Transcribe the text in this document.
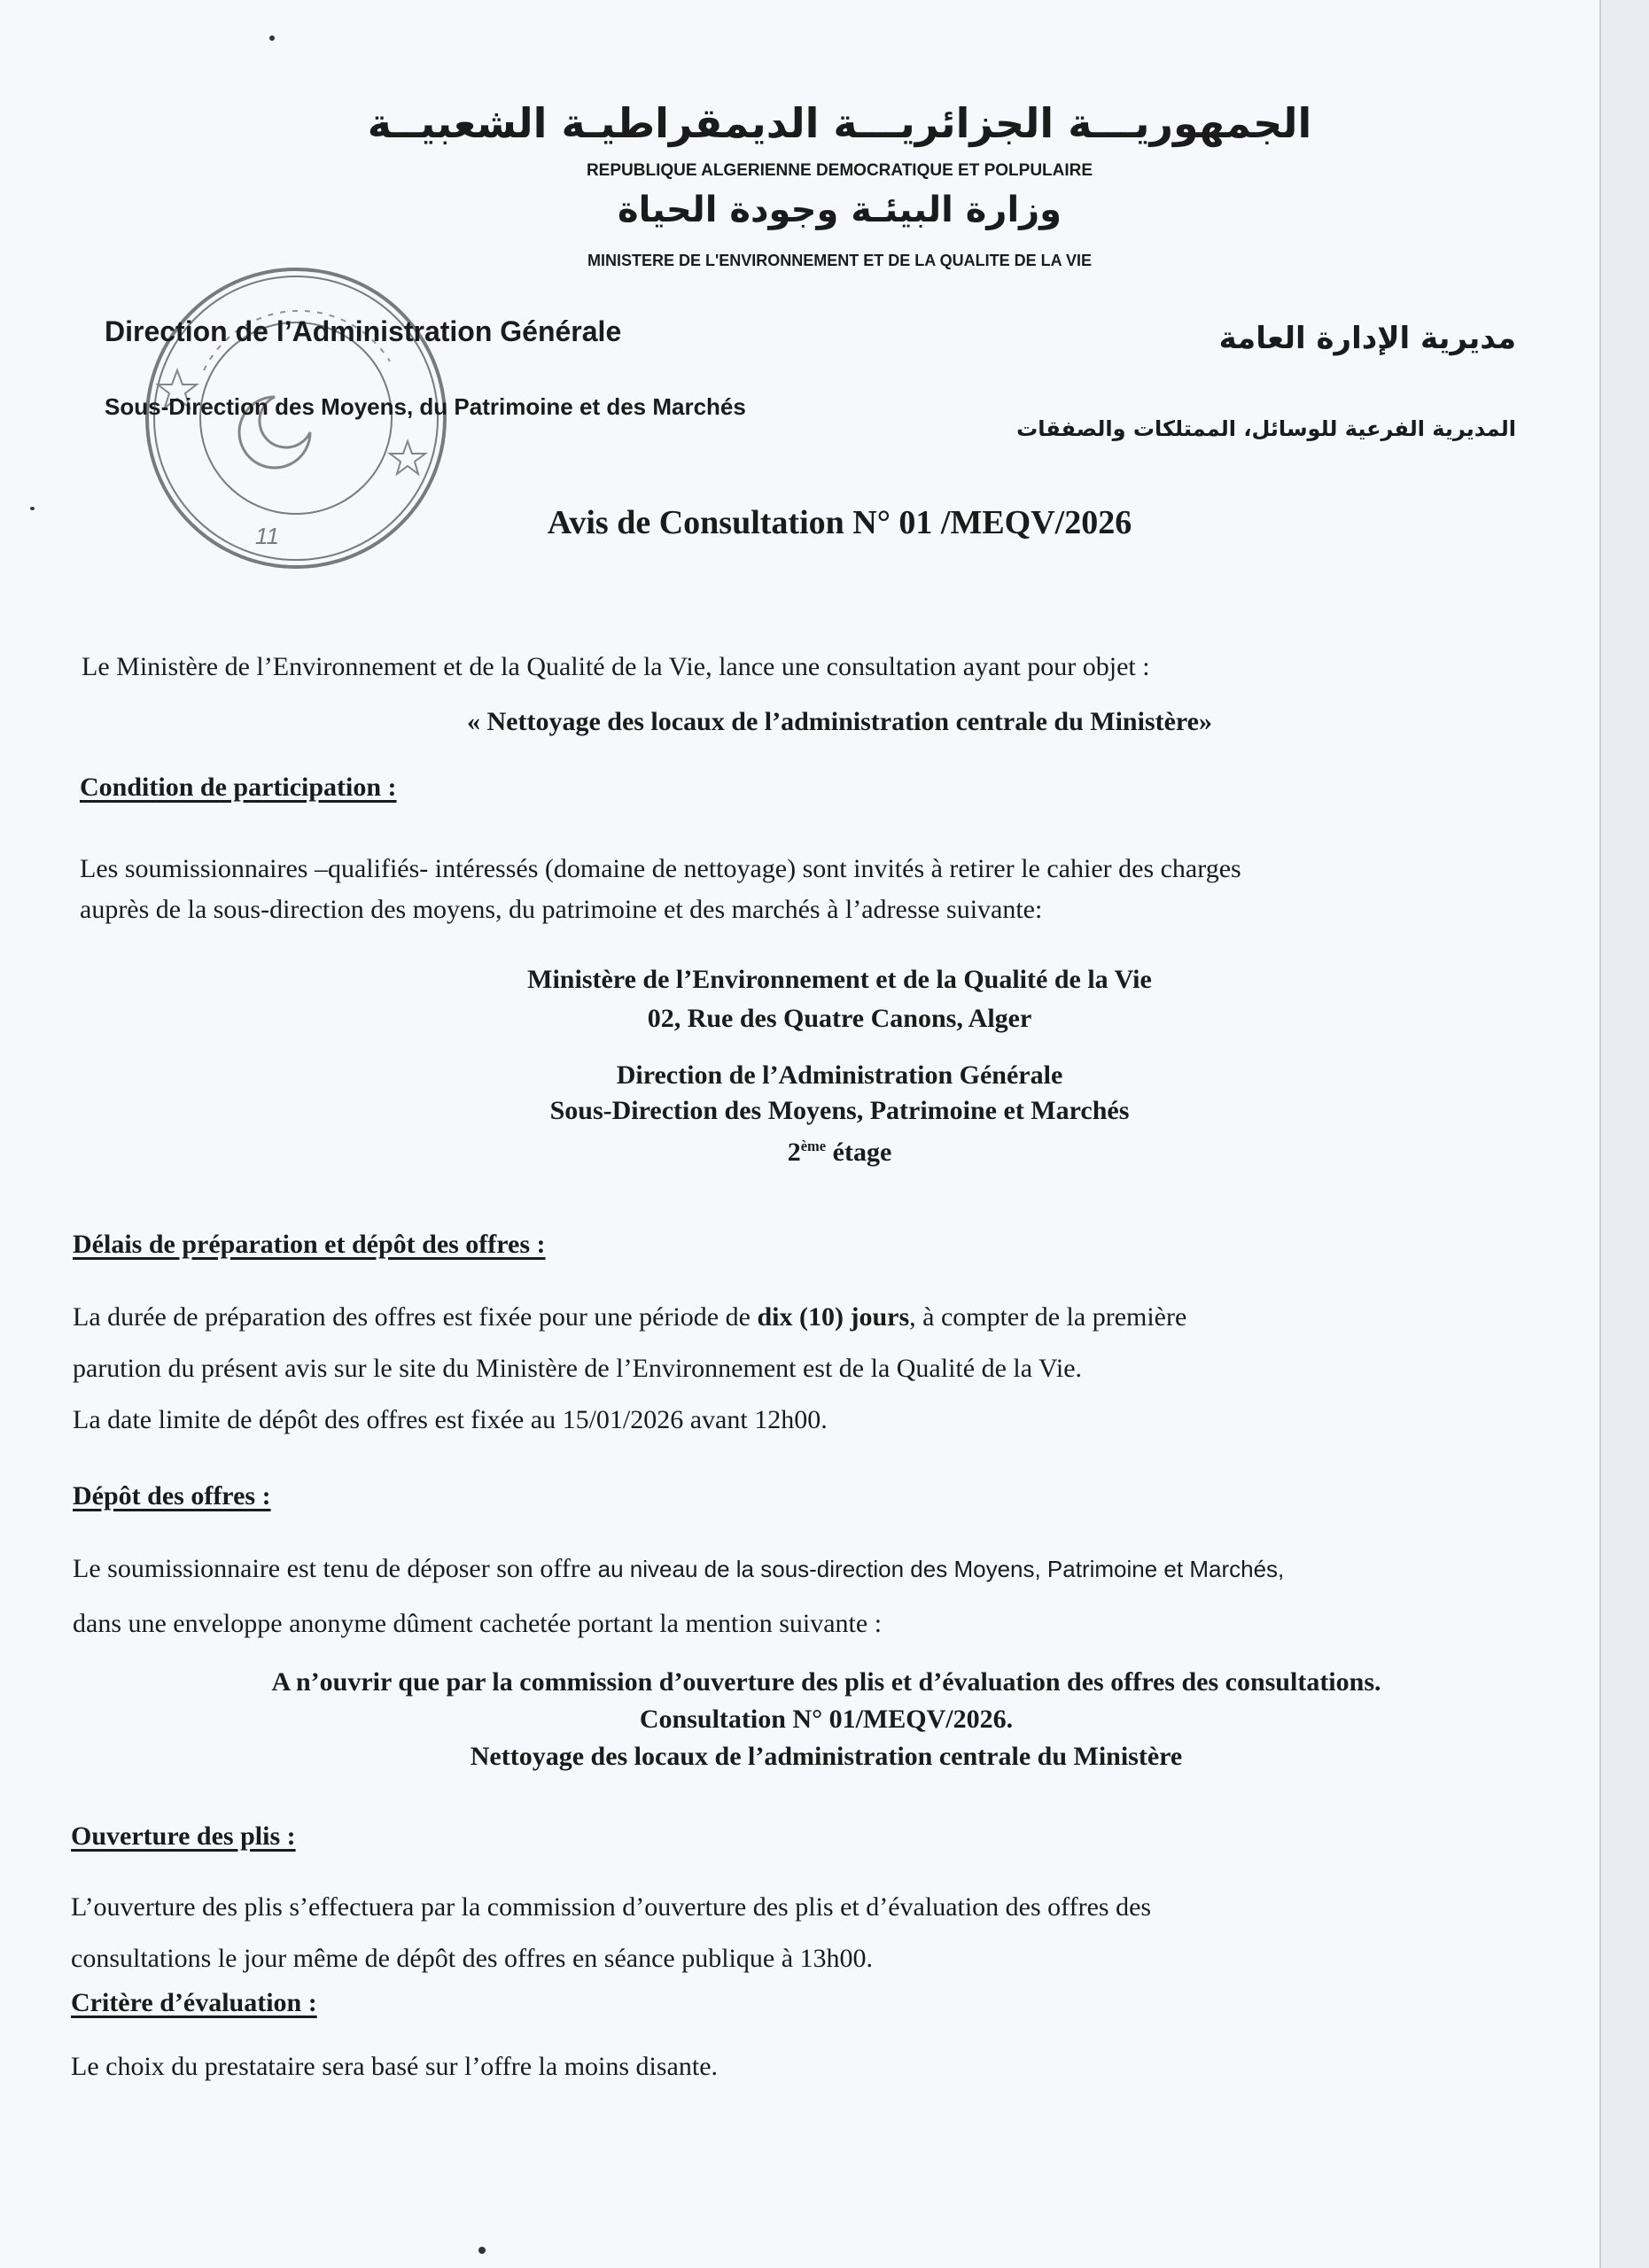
الجمهوريـــة الجزائريـــة الديمقراطيـة الشعبيــة
REPUBLIQUE ALGERIENNE DEMOCRATIQUE ET POLPULAIRE
وزارة البيئـة وجودة الحياة
MINISTERE DE L'ENVIRONNEMENT ET DE LA QUALITE DE LA VIE
11
Direction de l’Administration Générale
Sous-Direction des Moyens, du Patrimoine et des Marchés
مديرية الإدارة العامة
المديرية الفرعية للوسائل، الممتلكات والصفقات
Avis de Consultation N° 01 /MEQV/2026
Le Ministère de l’Environnement et de la Qualité de la Vie, lance une consultation ayant pour objet :
« Nettoyage des locaux de l’administration centrale du Ministère»
Condition de participation :
Les soumissionnaires –qualifiés- intéressés (domaine de nettoyage) sont invités à retirer le cahier des charges
auprès de la sous-direction des moyens, du patrimoine et des marchés à l’adresse suivante:
Ministère de l’Environnement et de la Qualité de la Vie
02, Rue des Quatre Canons, Alger
Direction de l’Administration Générale
Sous-Direction des Moyens, Patrimoine et Marchés
2ème étage
Délais de préparation et dépôt des offres :
La durée de préparation des offres est fixée pour une période de dix (10) jours, à compter de la première
parution du présent avis sur le site du Ministère de l’Environnement est de la Qualité de la Vie.
La date limite de dépôt des offres est fixée au 15/01/2026 avant 12h00.
Dépôt des offres :
Le soumissionnaire est tenu de déposer son offre au niveau de la sous-direction des Moyens, Patrimoine et Marchés,
dans une enveloppe anonyme dûment cachetée portant la mention suivante :
A n’ouvrir que par la commission d’ouverture des plis et d’évaluation des offres des consultations.
Consultation N° 01/MEQV/2026.
Nettoyage des locaux de l’administration centrale du Ministère
Ouverture des plis :
L’ouverture des plis s’effectuera par la commission d’ouverture des plis et d’évaluation des offres des
consultations le jour même de dépôt des offres en séance publique à 13h00.
Critère d’évaluation :
Le choix du prestataire sera basé sur l’offre la moins disante.
